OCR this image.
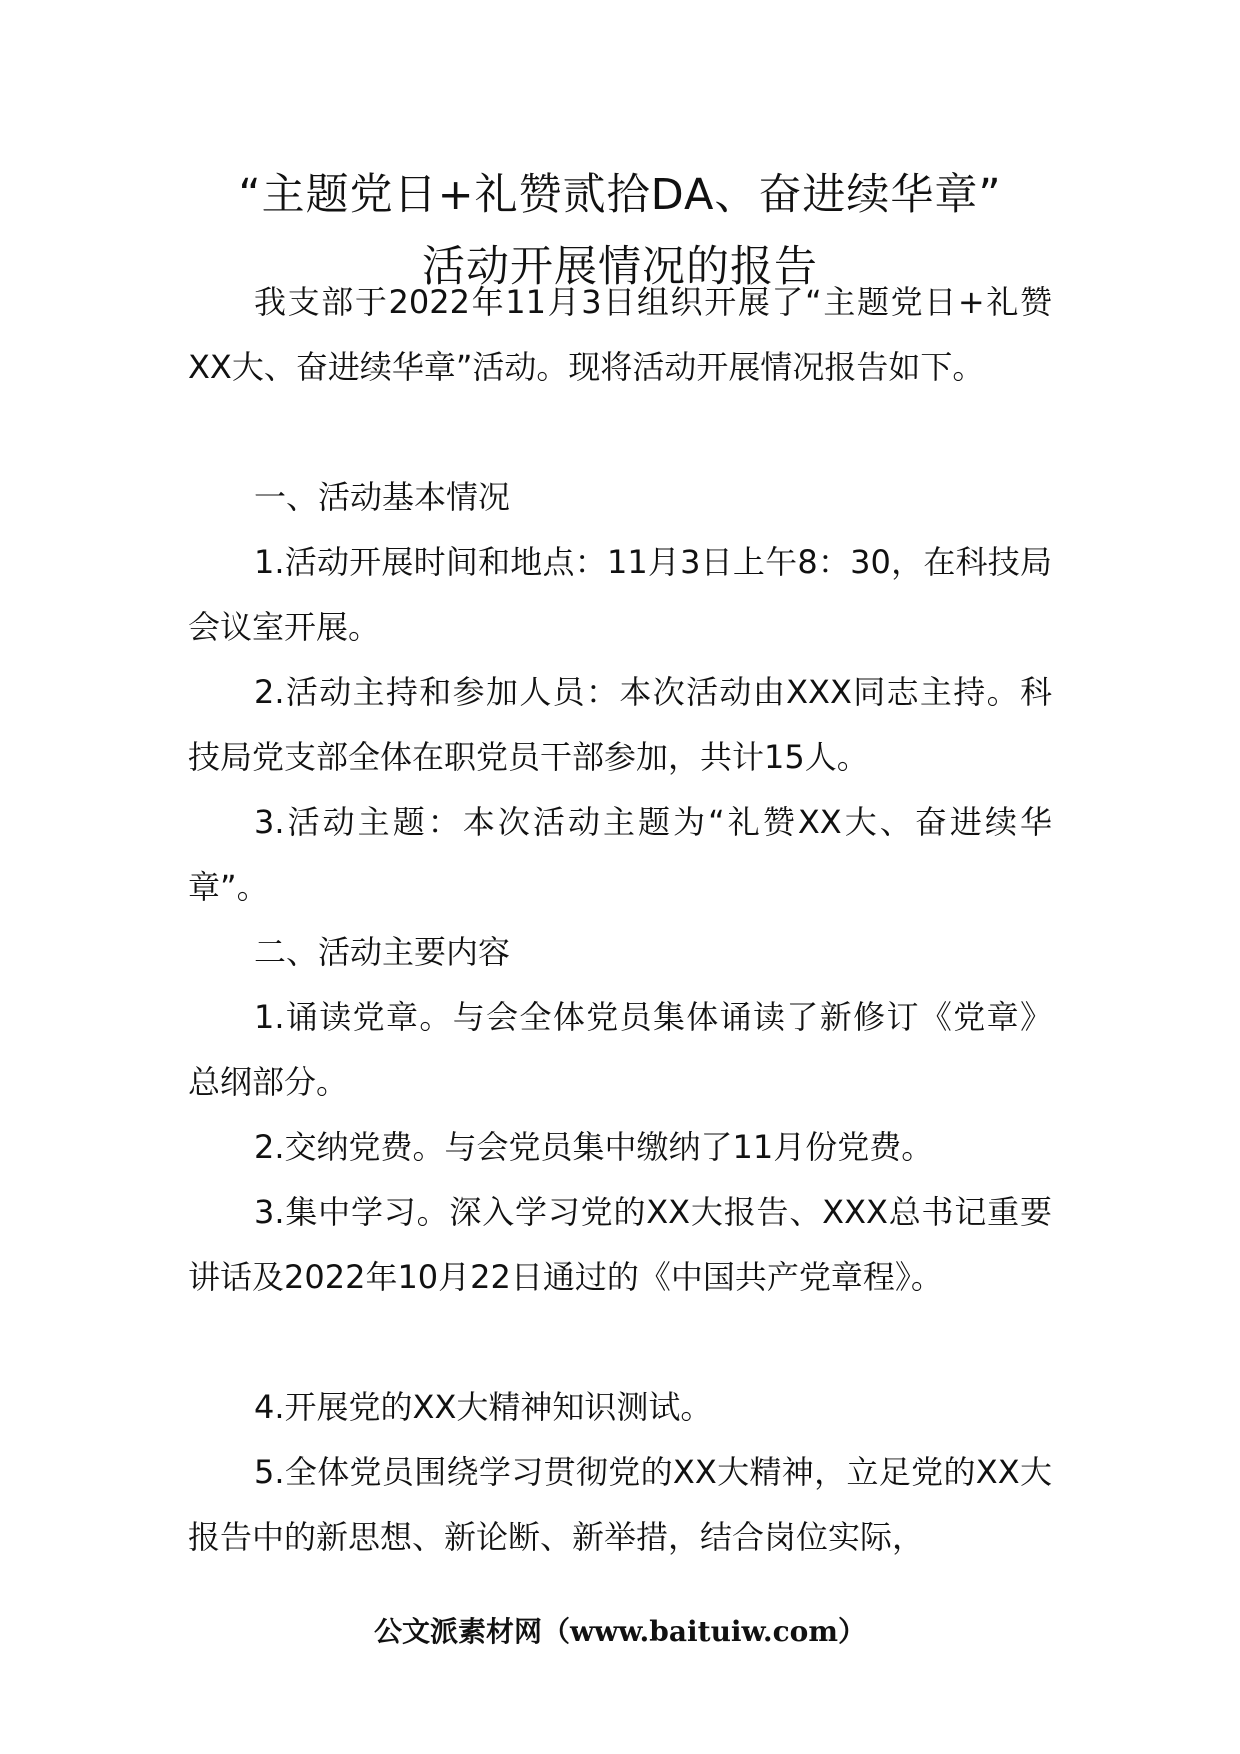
“主题党日+礼赞贰拾DA、奋进续华章”
活动开展情况的报告

我支部于2022年11月3日组织开展了“主题党日+礼赞XX大、奋进续华章”活动。现将活动开展情况报告如下。

一、活动基本情况

1.活动开展时间和地点：11月3日上午8：30，在科技局会议室开展。

2.活动主持和参加人员：本次活动由XXX同志主持。科技局党支部全体在职党员干部参加，共计15人。

3.活动主题：本次活动主题为“礼赞XX大、奋进续华章”。

二、活动主要内容

1.诵读党章。与会全体党员集体诵读了新修订《党章》总纲部分。

2.交纳党费。与会党员集中缴纳了11月份党费。

3.集中学习。深入学习党的XX大报告、XXX总书记重要讲话及2022年10月22日通过的《中国共产党章程》。

4.开展党的XX大精神知识测试。

5.全体党员围绕学习贯彻党的XX大精神，立足党的XX大报告中的新思想、新论断、新举措，结合岗位实际，

公文派素材网（www.baituiw.com）
